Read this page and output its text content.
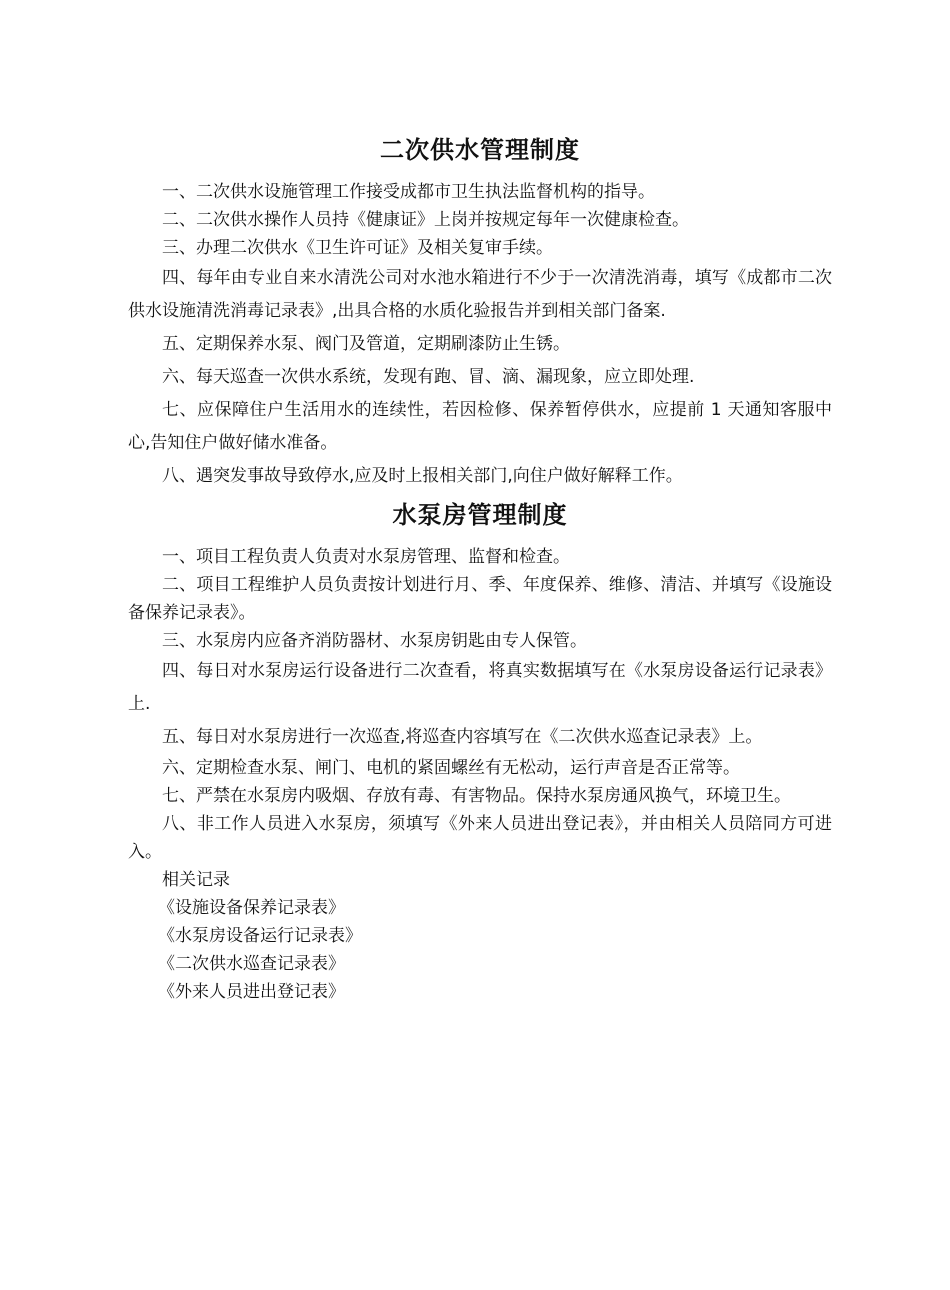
二次供水管理制度

一、二次供水设施管理工作接受成都市卫生执法监督机构的指导。

二、二次供水操作人员持《健康证》上岗并按规定每年一次健康检查。

三、办理二次供水《卫生许可证》及相关复审手续。

四、每年由专业自来水清洗公司对水池水箱进行不少于一次清洗消毒，填写《成都市二次供水设施清洗消毒记录表》,出具合格的水质化验报告并到相关部门备案.

五、定期保养水泵、阀门及管道，定期刷漆防止生锈。

六、每天巡查一次供水系统，发现有跑、冒、滴、漏现象，应立即处理.

七、应保障住户生活用水的连续性，若因检修、保养暂停供水，应提前 1 天通知客服中心,告知住户做好储水准备。

八、遇突发事故导致停水,应及时上报相关部门,向住户做好解释工作。

水泵房管理制度

一、项目工程负责人负责对水泵房管理、监督和检查。

二、项目工程维护人员负责按计划进行月、季、年度保养、维修、清洁、并填写《设施设备保养记录表》。

三、水泵房内应备齐消防器材、水泵房钥匙由专人保管。

四、每日对水泵房运行设备进行二次查看，将真实数据填写在《水泵房设备运行记录表》上.

五、每日对水泵房进行一次巡查,将巡查内容填写在《二次供水巡查记录表》上。

六、定期检查水泵、闸门、电机的紧固螺丝有无松动，运行声音是否正常等。

七、严禁在水泵房内吸烟、存放有毒、有害物品。保持水泵房通风换气，环境卫生。

八、非工作人员进入水泵房，须填写《外来人员进出登记表》，并由相关人员陪同方可进入。

相关记录

《设施设备保养记录表》
《水泵房设备运行记录表》
《二次供水巡查记录表》
《外来人员进出登记表》
